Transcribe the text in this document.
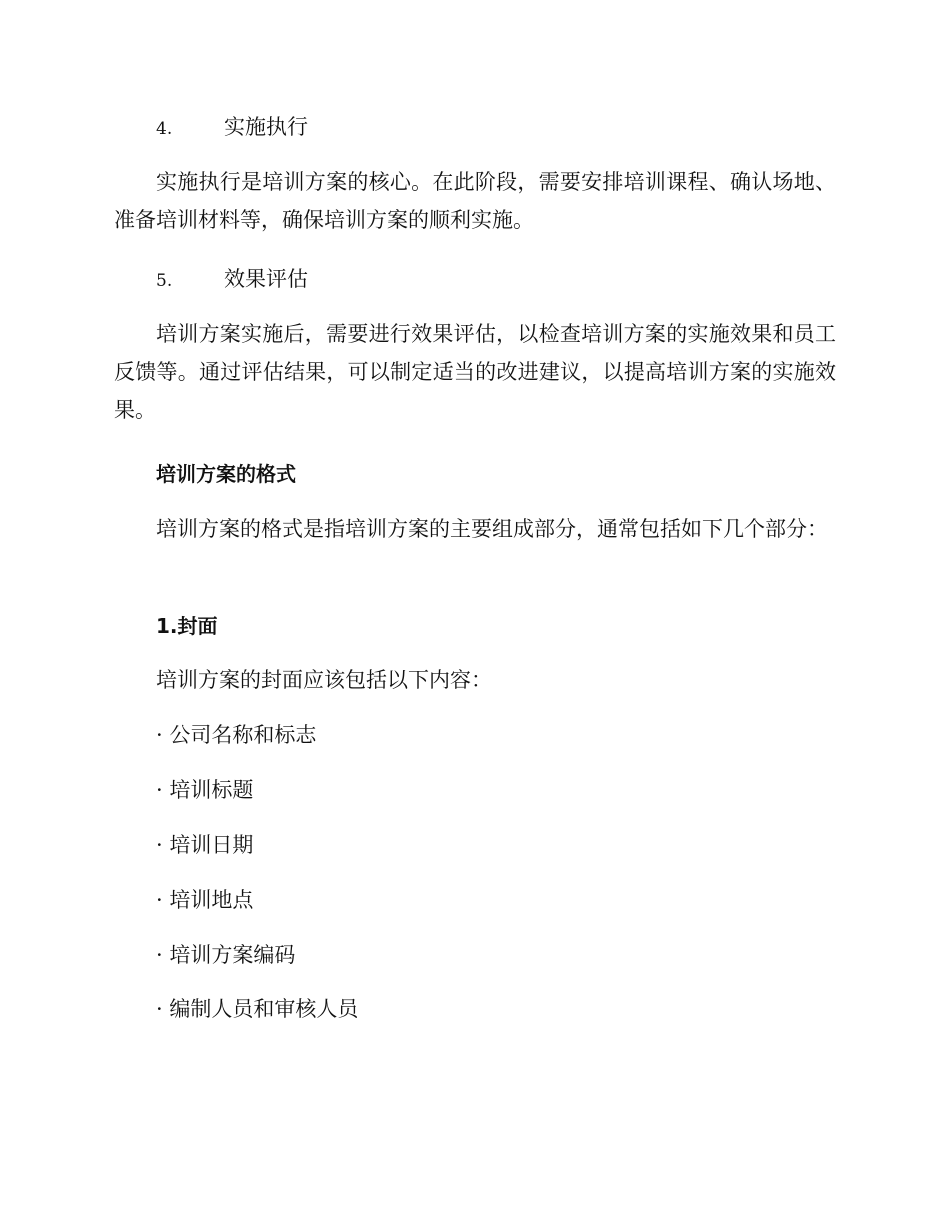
4. 实施执行

实施执行是培训方案的核心。在此阶段，需要安排培训课程、确认场地、准备培训材料等，确保培训方案的顺利实施。

5. 效果评估

培训方案实施后，需要进行效果评估，以检查培训方案的实施效果和员工反馈等。通过评估结果，可以制定适当的改进建议，以提高培训方案的实施效果。

培训方案的格式

培训方案的格式是指培训方案的主要组成部分，通常包括如下几个部分：

1.封面
培训方案的封面应该包括以下内容：
· 公司名称和标志
· 培训标题
· 培训日期
· 培训地点
· 培训方案编码
· 编制人员和审核人员
